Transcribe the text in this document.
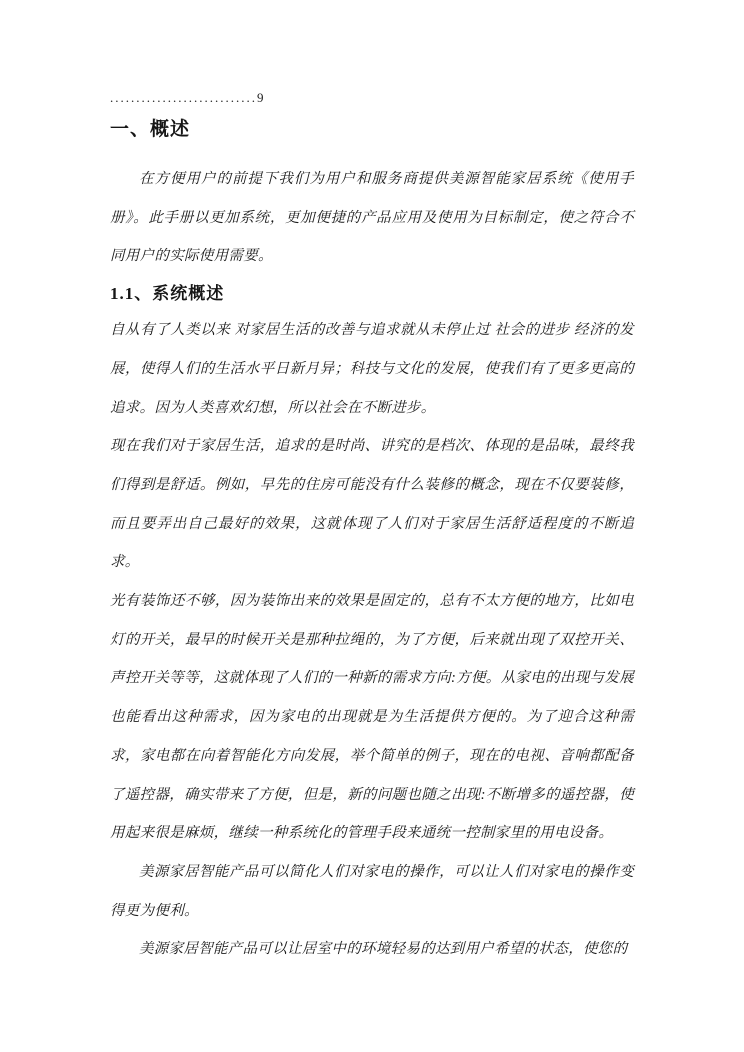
............................9
一、概述

在方便用户的前提下我们为用户和服务商提供美源智能家居系统《使用手册》。此手册以更加系统，更加便捷的产品应用及使用为目标制定，使之符合不同用户的实际使用需要。

1.1、系统概述

自从有了人类以来 对家居生活的改善与追求就从未停止过 社会的进步 经济的发展，使得人们的生活水平日新月异；科技与文化的发展，使我们有了更多更高的追求。因为人类喜欢幻想，所以社会在不断进步。

现在我们对于家居生活，追求的是时尚、讲究的是档次、体现的是品味，最终我们得到是舒适。例如，早先的住房可能没有什么装修的概念，现在不仅要装修，而且要弄出自己最好的效果，这就体现了人们对于家居生活舒适程度的不断追求。

光有装饰还不够，因为装饰出来的效果是固定的，总有不太方便的地方，比如电灯的开关，最早的时候开关是那种拉绳的，为了方便，后来就出现了双控开关、声控开关等等，这就体现了人们的一种新的需求方向:方便。从家电的出现与发展也能看出这种需求，因为家电的出现就是为生活提供方便的。为了迎合这种需求，家电都在向着智能化方向发展，举个简单的例子，现在的电视、音响都配备了遥控器，确实带来了方便，但是，新的问题也随之出现:不断增多的遥控器，使用起来很是麻烦，继续一种系统化的管理手段来通统一控制家里的用电设备。

美源家居智能产品可以简化人们对家电的操作，可以让人们对家电的操作变得更为便利。

美源家居智能产品可以让居室中的环境轻易的达到用户希望的状态，使您的
